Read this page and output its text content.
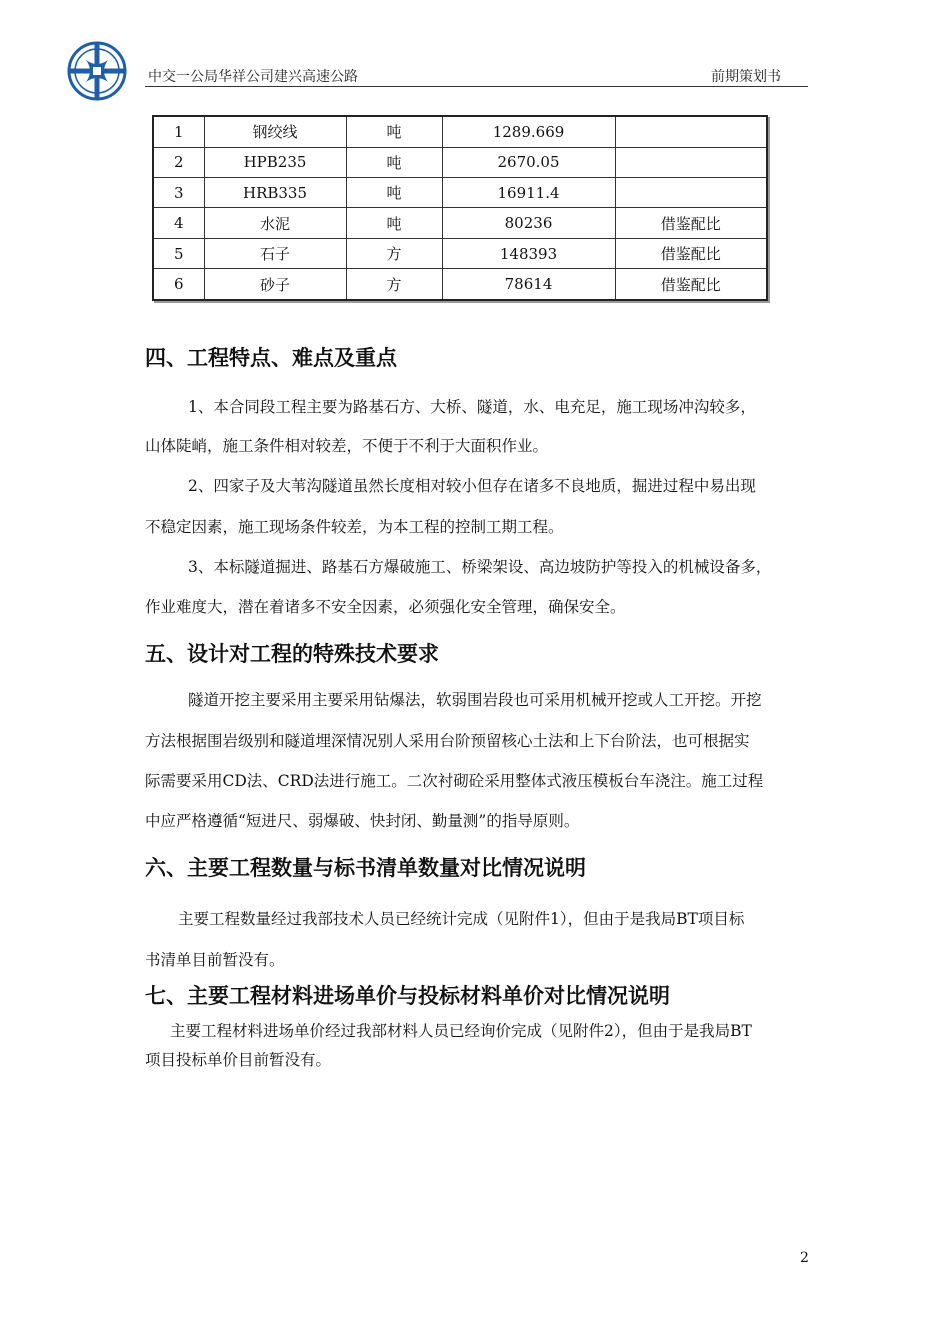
中交一公局华祥公司建兴高速公路	前期策划书
1	钢绞线	吨	1289.669	
2	HPB235	吨	2670.05	
3	HRB335	吨	16911.4	
4	水泥	吨	80236	借鉴配比
5	石子	方	148393	借鉴配比
6	砂子	方	78614	借鉴配比
四、工程特点、难点及重点
1、本合同段工程主要为路基石方、大桥、隧道，水、电充足，施工现场冲沟较多，
山体陡峭，施工条件相对较差，不便于不利于大面积作业。
2、四家子及大苇沟隧道虽然长度相对较小但存在诸多不良地质，掘进过程中易出现
不稳定因素，施工现场条件较差，为本工程的控制工期工程。
3、本标隧道掘进、路基石方爆破施工、桥梁架设、高边坡防护等投入的机械设备多，
作业难度大，潜在着诸多不安全因素，必须强化安全管理，确保安全。
五、设计对工程的特殊技术要求
隧道开挖主要采用主要采用钻爆法，软弱围岩段也可采用机械开挖或人工开挖。开挖
方法根据围岩级别和隧道埋深情况别人采用台阶预留核心土法和上下台阶法，也可根据实
际需要采用CD法、CRD法进行施工。二次衬砌砼采用整体式液压模板台车浇注。施工过程
中应严格遵循“短进尺、弱爆破、快封闭、勤量测”的指导原则。
六、主要工程数量与标书清单数量对比情况说明
主要工程数量经过我部技术人员已经统计完成（见附件1），但由于是我局BT项目标
书清单目前暂没有。
七、主要工程材料进场单价与投标材料单价对比情况说明
主要工程材料进场单价经过我部材料人员已经询价完成（见附件2），但由于是我局BT
项目投标单价目前暂没有。
2
